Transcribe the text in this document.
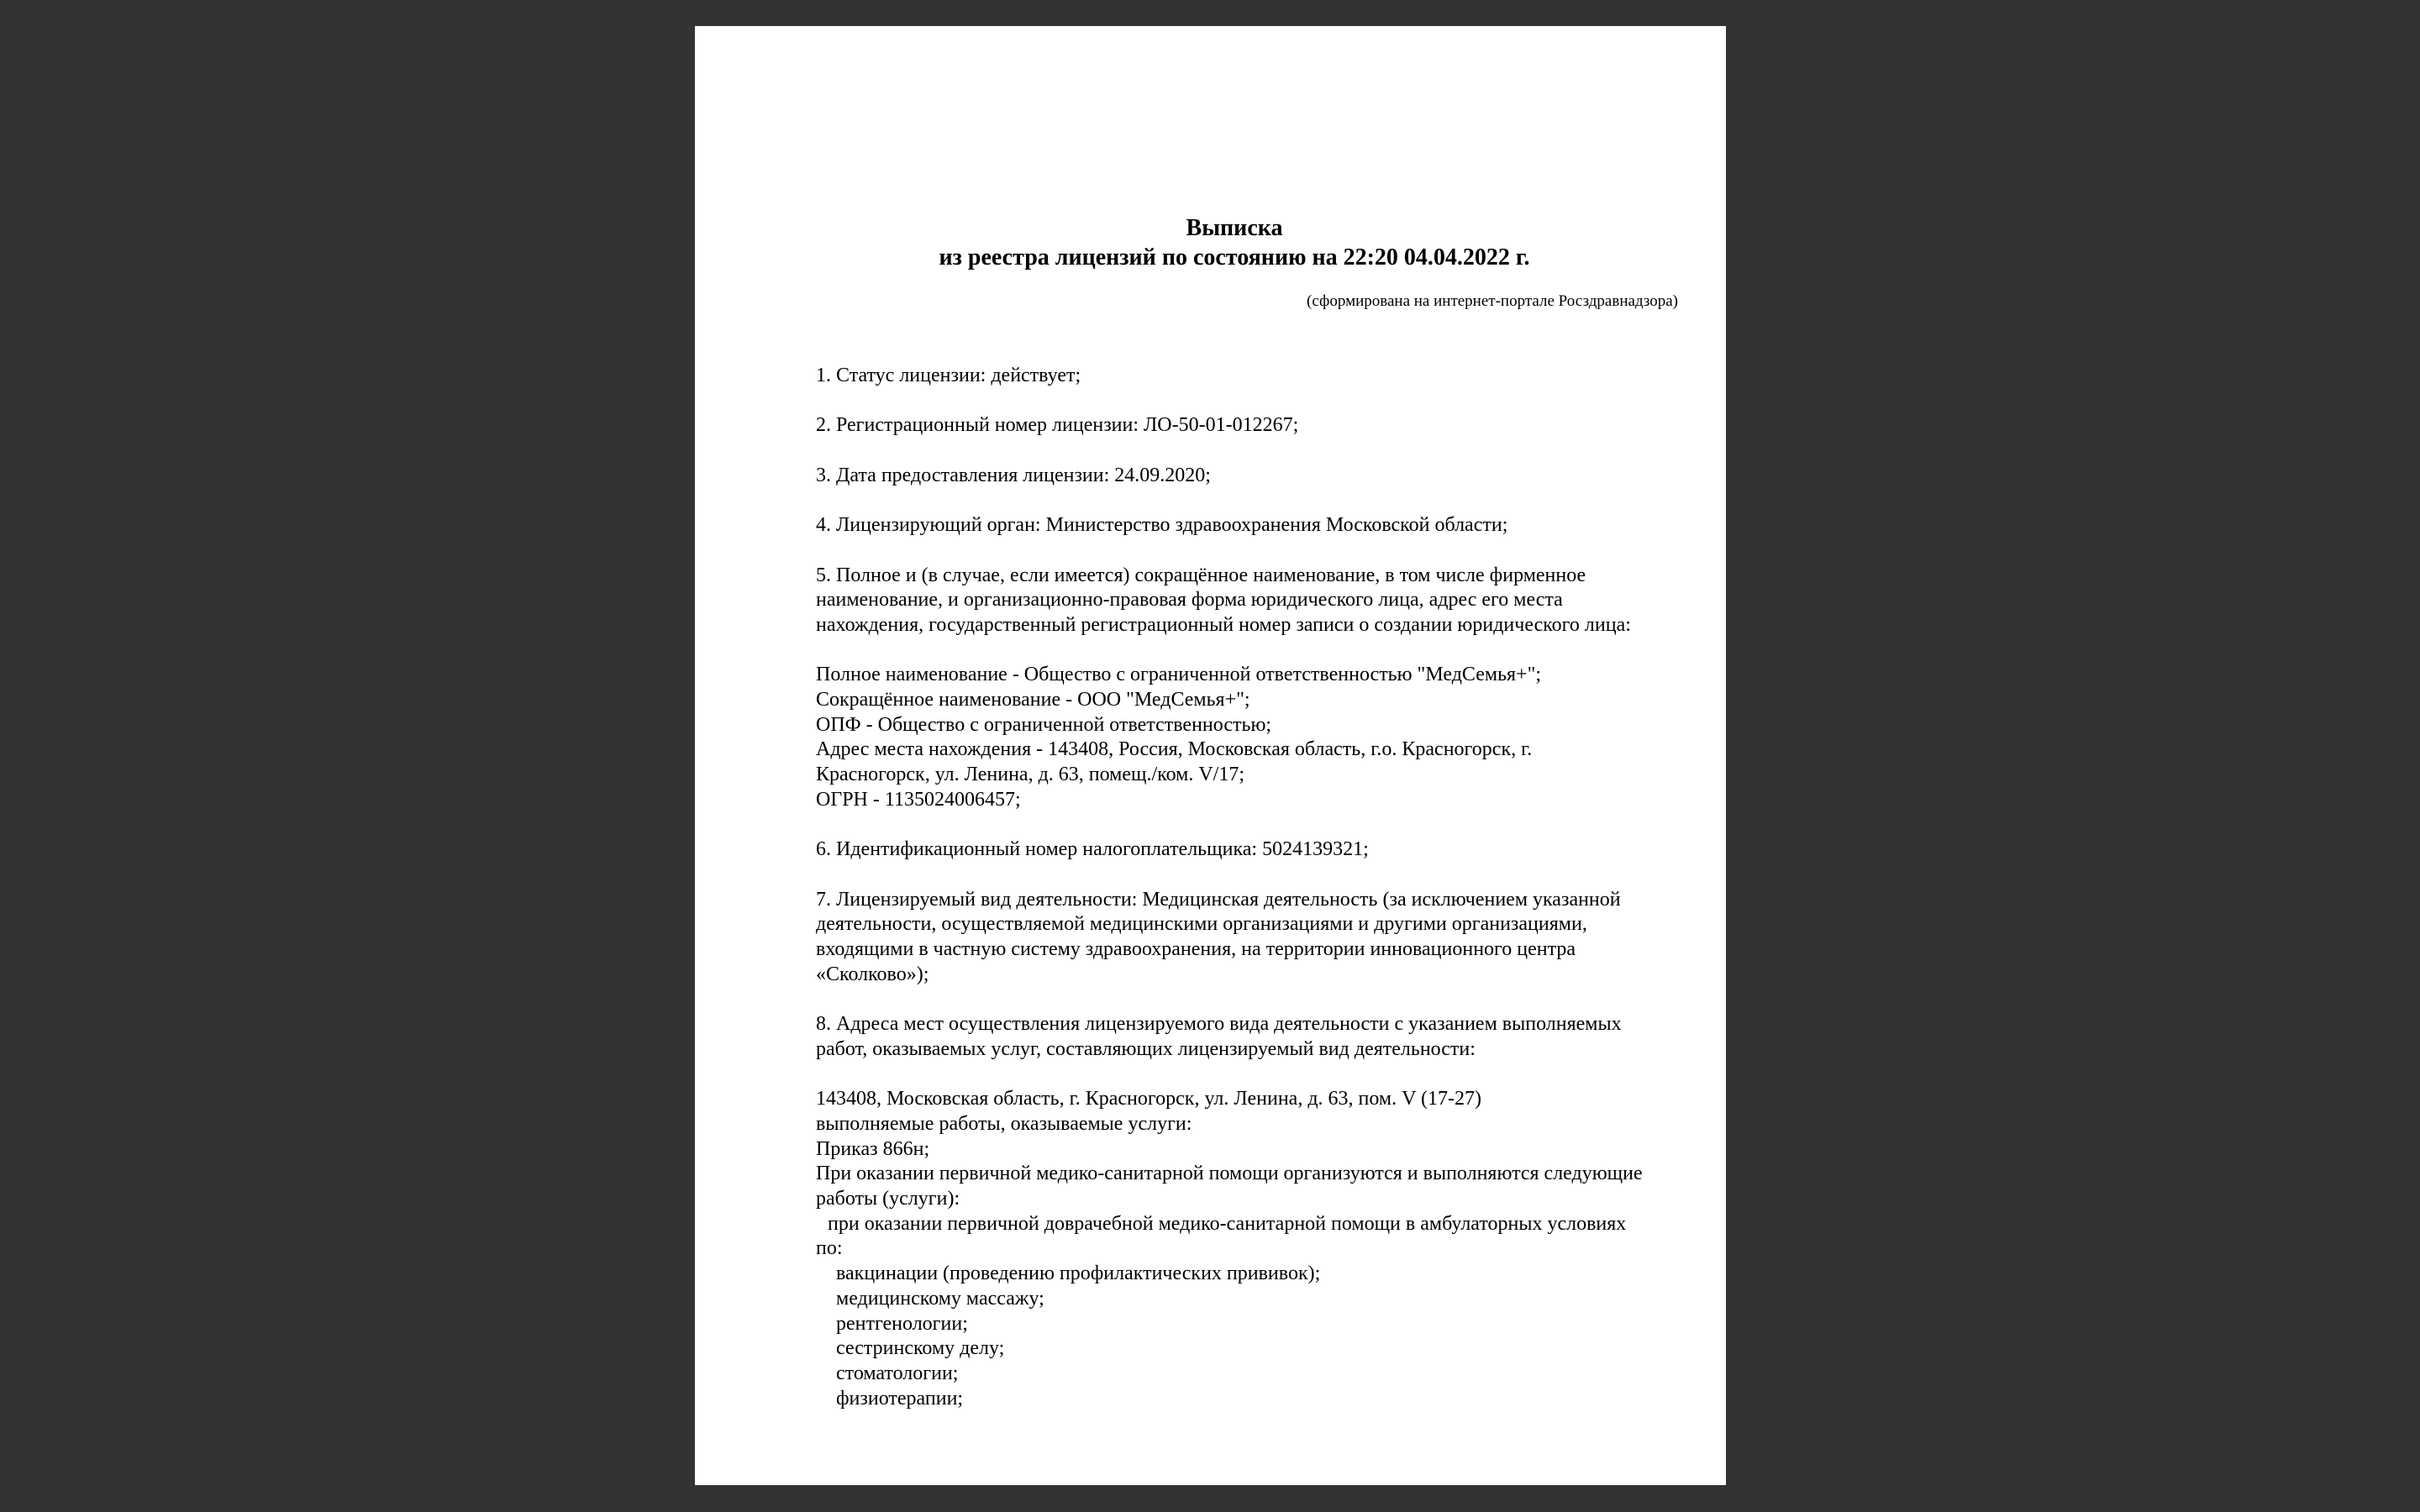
Выписка
из реестра лицензий по состоянию на 22:20 04.04.2022 г.
(сформирована на интернет-портале Росздравнадзора)
1. Статус лицензии: действует;
2. Регистрационный номер лицензии: ЛО-50-01-012267;
3. Дата предоставления лицензии: 24.09.2020;
4. Лицензирующий орган: Министерство здравоохранения Московской области;
5. Полное и (в случае, если имеется) сокращённое наименование, в том числе фирменное
наименование, и организационно-правовая форма юридического лица, адрес его места
нахождения, государственный регистрационный номер записи о создании юридического лица:
Полное наименование - Общество с ограниченной ответственностью "МедСемья+";
Сокращённое наименование - ООО "МедСемья+";
ОПФ - Общество с ограниченной ответственностью;
Адрес места нахождения - 143408, Россия, Московская область, г.о. Красногорск, г.
Красногорск, ул. Ленина, д. 63, помещ./ком. V/17;
ОГРН - 1135024006457;
6. Идентификационный номер налогоплательщика: 5024139321;
7. Лицензируемый вид деятельности: Медицинская деятельность (за исключением указанной
деятельности, осуществляемой медицинскими организациями и другими организациями,
входящими в частную систему здравоохранения, на территории инновационного центра
«Сколково»);
8. Адреса мест осуществления лицензируемого вида деятельности с указанием выполняемых
работ, оказываемых услуг, составляющих лицензируемый вид деятельности:
143408, Московская область, г. Красногорск, ул. Ленина, д. 63, пом. V (17-27)
выполняемые работы, оказываемые услуги:
Приказ 866н;
При оказании первичной медико-санитарной помощи организуются и выполняются следующие
работы (услуги):
при оказании первичной доврачебной медико-санитарной помощи в амбулаторных условиях
по:
вакцинации (проведению профилактических прививок);
медицинскому массажу;
рентгенологии;
сестринскому делу;
стоматологии;
физиотерапии;
